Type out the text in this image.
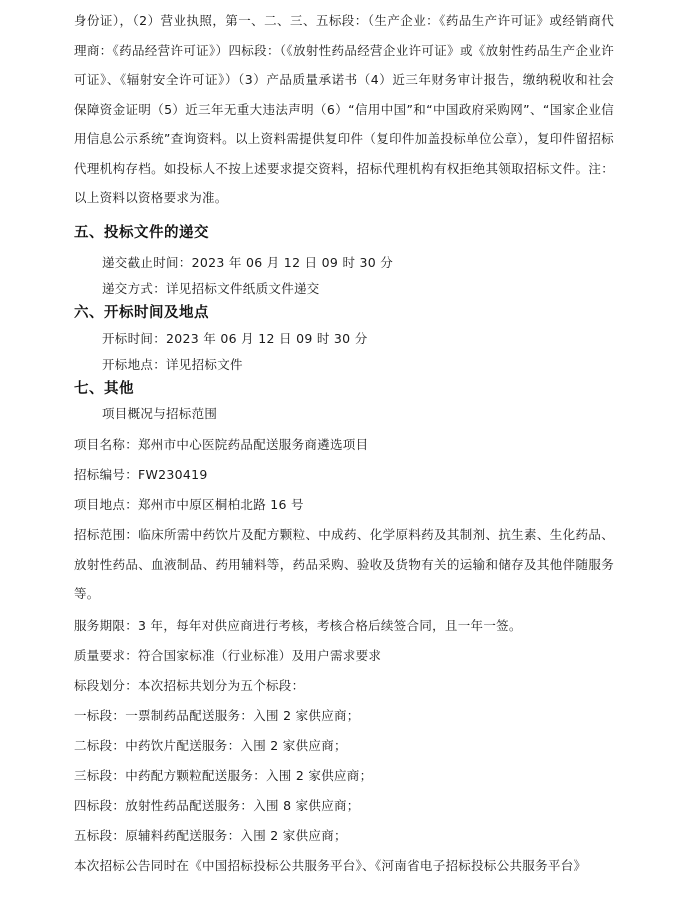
身份证），（2）营业执照，第一、二、三、五标段：（生产企业：《药品生产许可证》或经销商代理商：《药品经营许可证》）四标段：（《放射性药品经营企业许可证》或《放射性药品生产企业许可证》、《辐射安全许可证》）（3）产品质量承诺书（4）近三年财务审计报告，缴纳税收和社会保障资金证明（5）近三年无重大违法声明（6）“信用中国”和“中国政府采购网”、“国家企业信用信息公示系统”查询资料。以上资料需提供复印件（复印件加盖投标单位公章），复印件留招标代理机构存档。如投标人不按上述要求提交资料，招标代理机构有权拒绝其领取招标文件。注：以上资料以资格要求为准。

五、投标文件的递交

递交截止时间：2023 年 06 月 12 日 09 时 30 分

递交方式：详见招标文件纸质文件递交

六、开标时间及地点

开标时间：2023 年 06 月 12 日 09 时 30 分

开标地点：详见招标文件

七、其他

项目概况与招标范围

项目名称：郑州市中心医院药品配送服务商遴选项目

招标编号：FW230419

项目地点：郑州市中原区桐柏北路 16 号

招标范围：临床所需中药饮片及配方颗粒、中成药、化学原料药及其制剂、抗生素、生化药品、放射性药品、血液制品、药用辅料等，药品采购、验收及货物有关的运输和储存及其他伴随服务等。

服务期限：3 年，每年对供应商进行考核，考核合格后续签合同，且一年一签。

质量要求：符合国家标准（行业标准）及用户需求要求

标段划分：本次招标共划分为五个标段：

一标段：一票制药品配送服务：入围 2 家供应商；

二标段：中药饮片配送服务：入围 2 家供应商；

三标段：中药配方颗粒配送服务：入围 2 家供应商；

四标段：放射性药品配送服务：入围 8 家供应商；

五标段：原辅料药配送服务：入围 2 家供应商；

本次招标公告同时在《中国招标投标公共服务平台》、《河南省电子招标投标公共服务平台》
